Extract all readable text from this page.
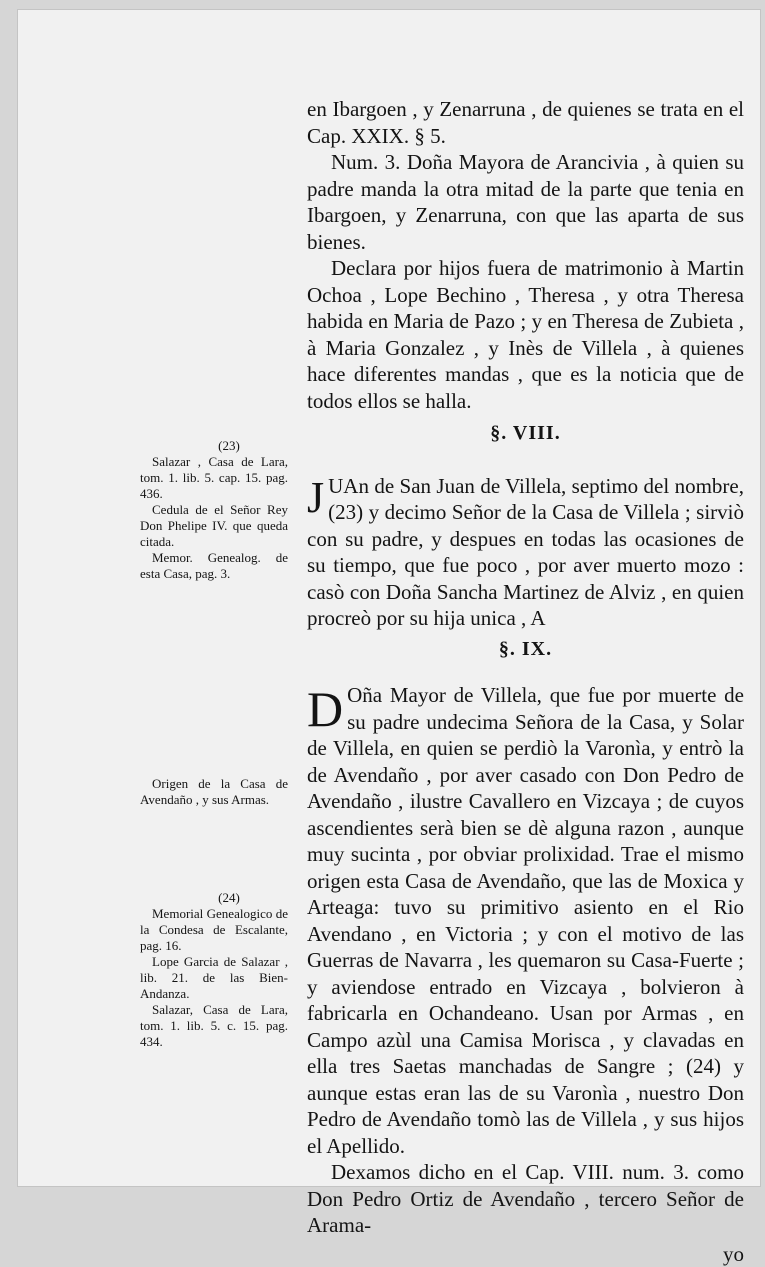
en Ibargoen , y Zenarruna , de quienes se trata en el Cap. XXIX. § 5.

Num. 3. Doña Mayora de Arancivia , à quien su padre manda la otra mitad de la parte que tenia en Ibargoen, y Zenarruna, con que las aparta de sus bienes.

Declara por hijos fuera de matrimonio à Martin Ochoa , Lope Bechino , Theresa , y otra Theresa habida en Maria de Pazo ; y en Theresa de Zubieta , à Maria Gonzalez , y Inès de Villela , à quienes hace diferentes mandas , que es la noticia que de todos ellos se halla.

§. VIII.

J UAn de San Juan de Villela, septimo del nombre, (23) y decimo Señor de la Casa de Villela ; sirviò con su padre, y despues en todas las ocasiones de su tiempo, que fue poco , por aver muerto mozo : casò con Doña Sancha Martinez de Alviz , en quien procreò por su hija unica , A

§. IX.

D Oña Mayor de Villela, que fue por muerte de su padre undecima Señora de la Casa, y Solar de Villela, en quien se perdiò la Varonìa, y entrò la de Avendaño , por aver casado con Don Pedro de Avendaño , ilustre Cavallero en Vizcaya ; de cuyos ascendientes serà bien se dè alguna razon , aunque muy sucinta , por obviar prolixidad. Trae el mismo origen esta Casa de Avendaño, que las de Moxica y Arteaga: tuvo su primitivo asiento en el Rio Avendano , en Victoria ; y con el motivo de las Guerras de Navarra , les quemaron su Casa-Fuerte ; y aviendose entrado en Vizcaya , bolvieron à fabricarla en Ochandeano. Usan por Armas , en Campo azùl una Camisa Morisca , y clavadas en ella tres Saetas manchadas de Sangre ; (24) y aunque estas eran las de su Varonìa , nuestro Don Pedro de Avendaño tomò las de Villela , y sus hijos el Apellido.

Dexamos dicho en el Cap. VIII. num. 3. como Don Pedro Ortiz de Avendaño , tercero Señor de Arama-

yo
(23)
Salazar , Casa de Lara, tom. 1. lib. 5. cap. 15. pag. 436.
Cedula de el Señor Rey Don Phelipe IV. que queda citada.
Memor. Genealog. de esta Casa, pag. 3.
Origen de la Casa de Avendaño , y sus Armas.
(24)
Memorial Genealogico de la Condesa de Escalante, pag. 16.
Lope Garcia de Salazar , lib. 21. de las Bien-Andanza.
Salazar, Casa de Lara, tom. 1. lib. 5. c. 15. pag. 434.
